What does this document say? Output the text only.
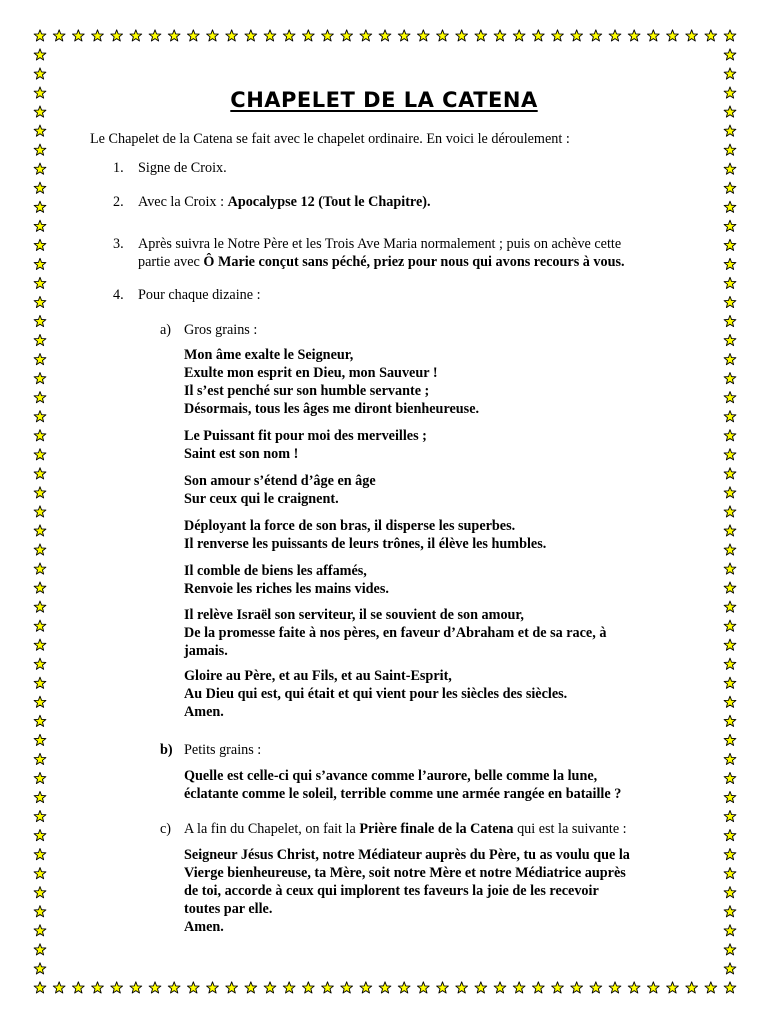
CHAPELET DE LA CATENA

Le Chapelet de la Catena se fait avec le chapelet ordinaire. En voici le déroulement :

1. Signe de Croix.

2. Avec la Croix : Apocalypse 12 (Tout le Chapitre).

3. Après suivra le Notre Père et les Trois Ave Maria normalement ; puis on achève cette

partie avec Ô Marie conçut sans péché, priez pour nous qui avons recours à vous.

4. Pour chaque dizaine :

a) Gros grains :

Mon âme exalte le Seigneur,

Exulte mon esprit en Dieu, mon Sauveur !

Il s’est penché sur son humble servante ;

Désormais, tous les âges me diront bienheureuse.

Le Puissant fit pour moi des merveilles ;

Saint est son nom !

Son amour s’étend d’âge en âge

Sur ceux qui le craignent.

Déployant la force de son bras, il disperse les superbes.

Il renverse les puissants de leurs trônes, il élève les humbles.

Il comble de biens les affamés,

Renvoie les riches les mains vides.

Il relève Israël son serviteur, il se souvient de son amour,

De la promesse faite à nos pères, en faveur d’Abraham et de sa race, à

jamais.

Gloire au Père, et au Fils, et au Saint-Esprit,

Au Dieu qui est, qui était et qui vient pour les siècles des siècles.

Amen.

b) Petits grains :

Quelle est celle-ci qui s’avance comme l’aurore, belle comme la lune,

éclatante comme le soleil, terrible comme une armée rangée en bataille ?

c) A la fin du Chapelet, on fait la Prière finale de la Catena qui est la suivante :

Seigneur Jésus Christ, notre Médiateur auprès du Père, tu as voulu que la

Vierge bienheureuse, ta Mère, soit notre Mère et notre Médiatrice auprès

de toi, accorde à ceux qui implorent tes faveurs la joie de les recevoir

toutes par elle.

Amen.
